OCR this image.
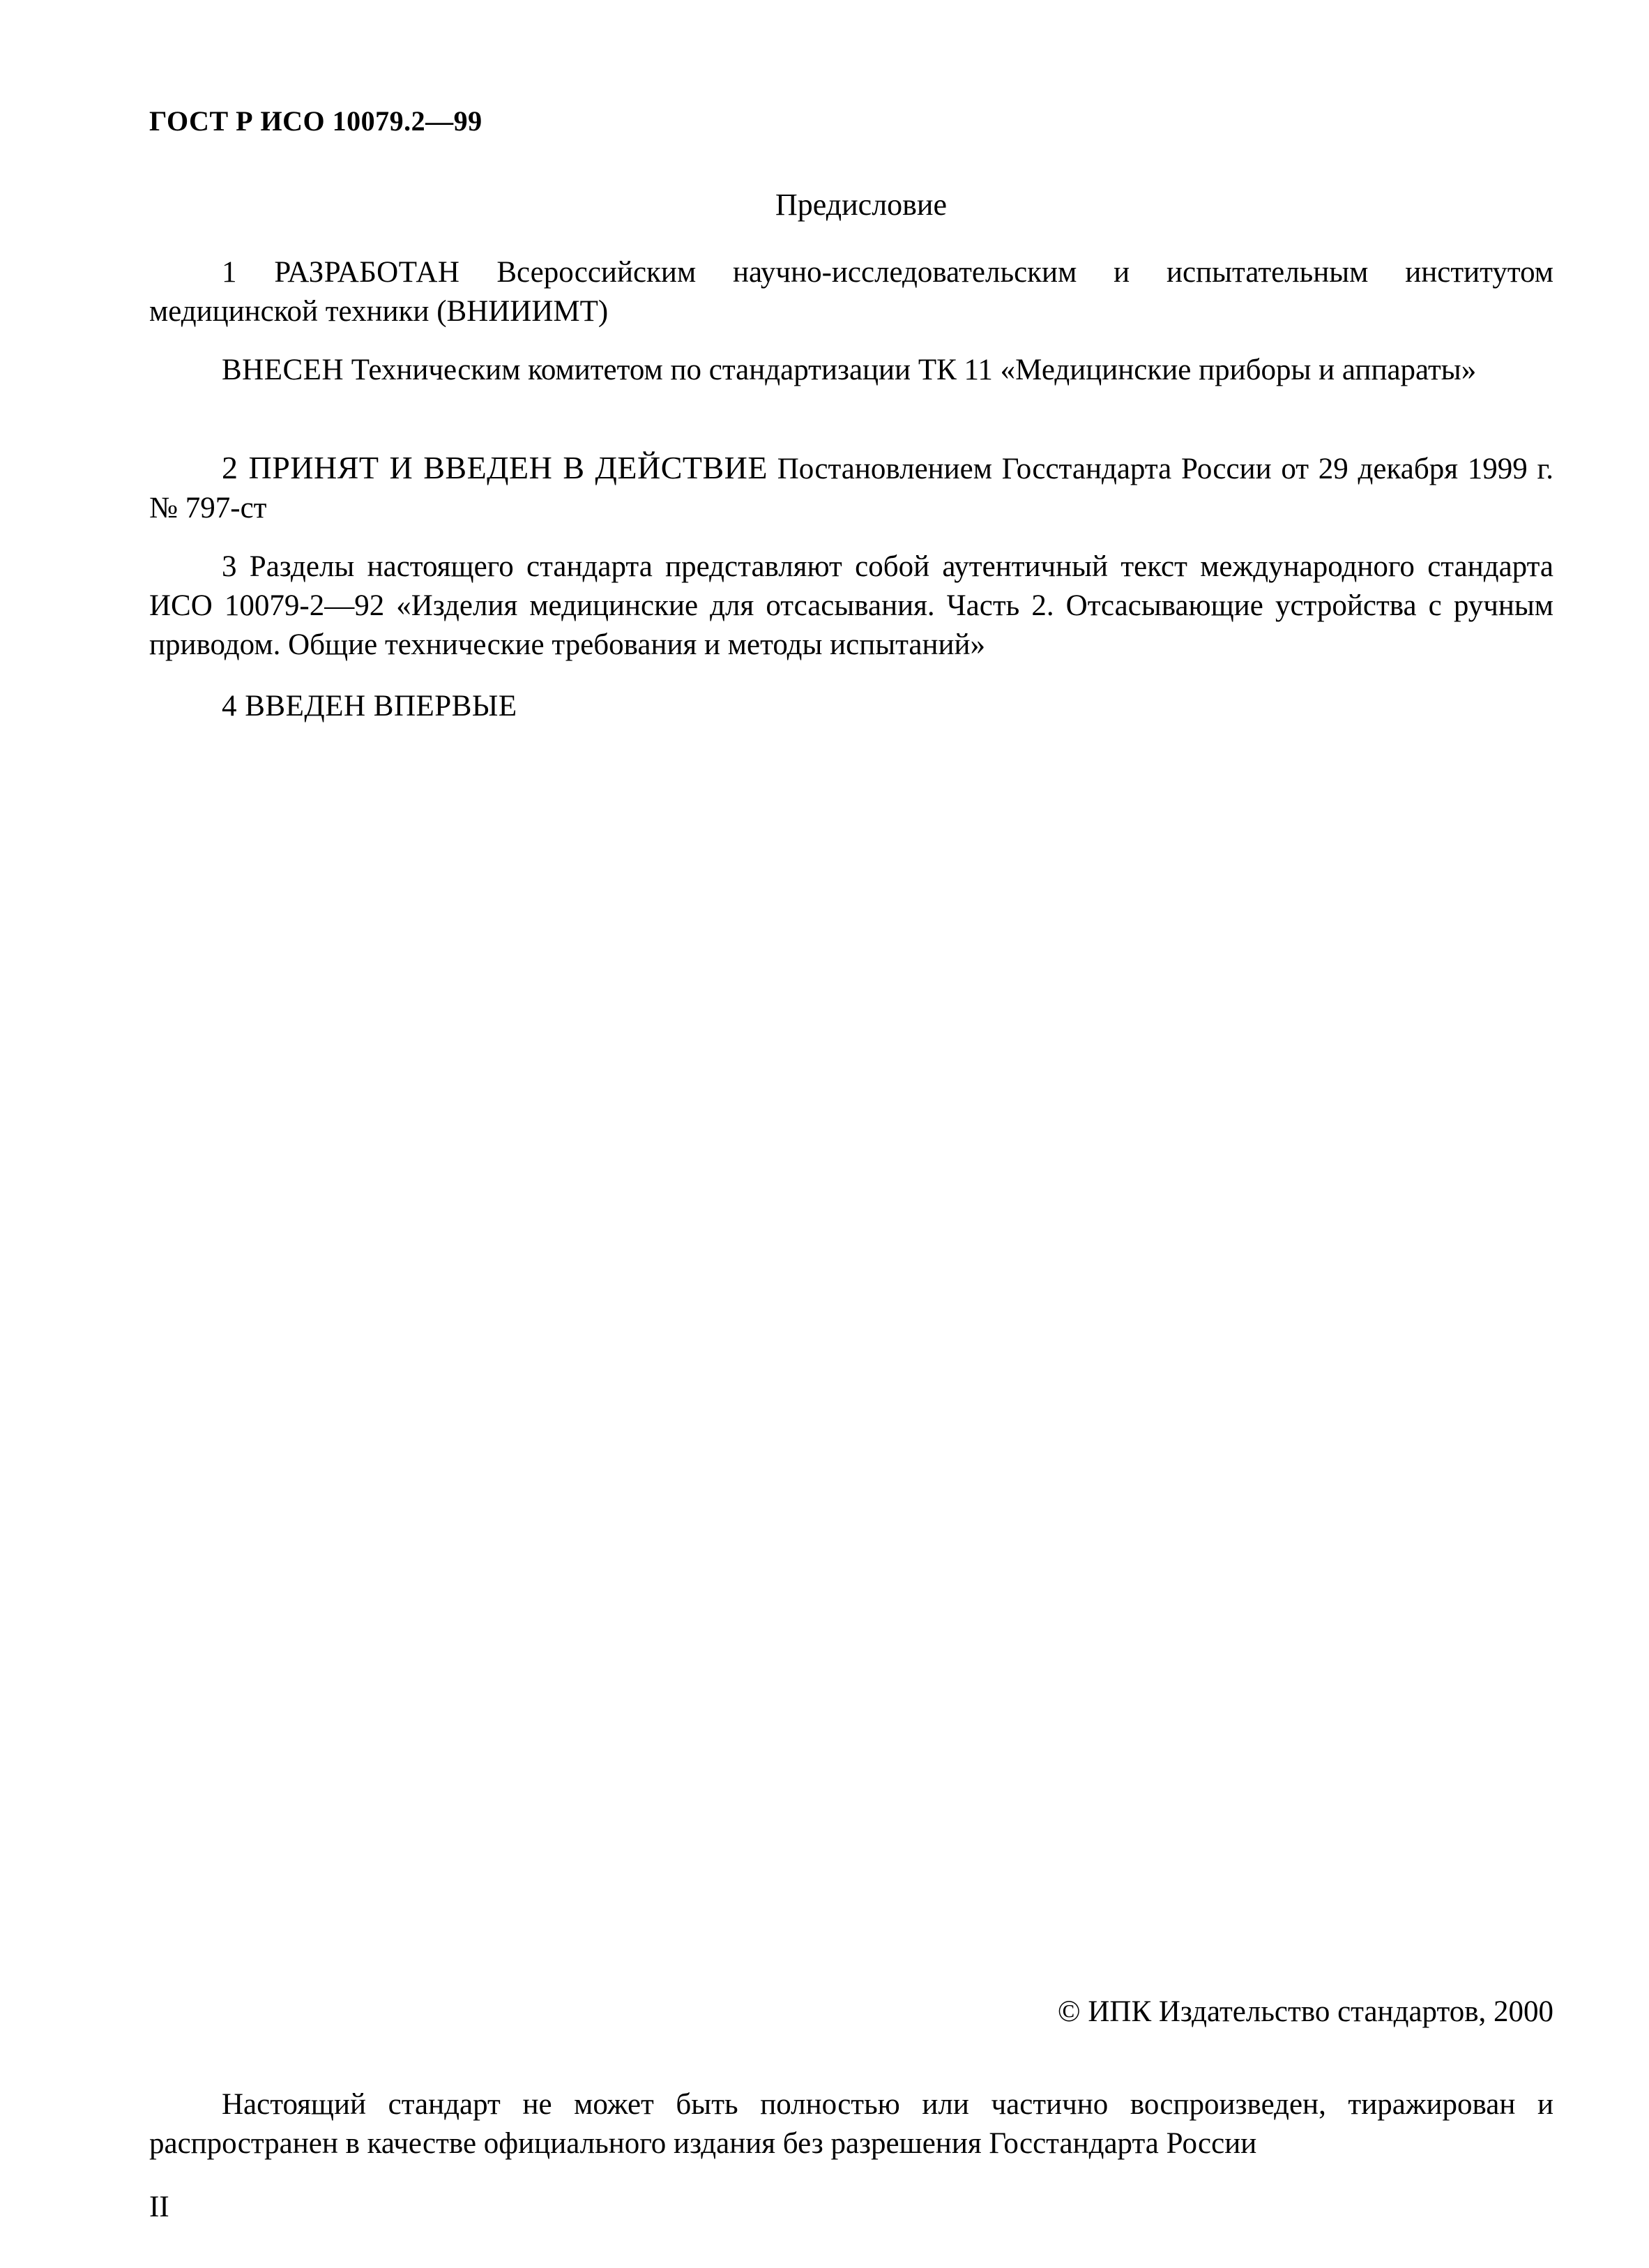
ГОСТ Р ИСО 10079.2—99
Предисловие

1 РАЗРАБОТАН Всероссийским научно-исследовательским и испытательным институтом медицинской техники (ВНИИИМТ)

ВНЕСЕН Техническим комитетом по стандартизации ТК 11 «Медицинские приборы и аппараты»

2 ПРИНЯТ И ВВЕДЕН В ДЕЙСТВИЕ Постановлением Госстандарта России от 29 декабря 1999 г. № 797-ст

3 Разделы настоящего стандарта представляют собой аутентичный текст международного стандарта ИСО 10079-2—92 «Изделия медицинские для отсасывания. Часть 2. Отсасывающие устройства с ручным приводом. Общие технические требования и методы испытаний»

4 ВВЕДЕН ВПЕРВЫЕ

© ИПК Издательство стандартов, 2000

Настоящий стандарт не может быть полностью или частично воспроизведен, тиражирован и распространен в качестве официального издания без разрешения Госстандарта России

II
